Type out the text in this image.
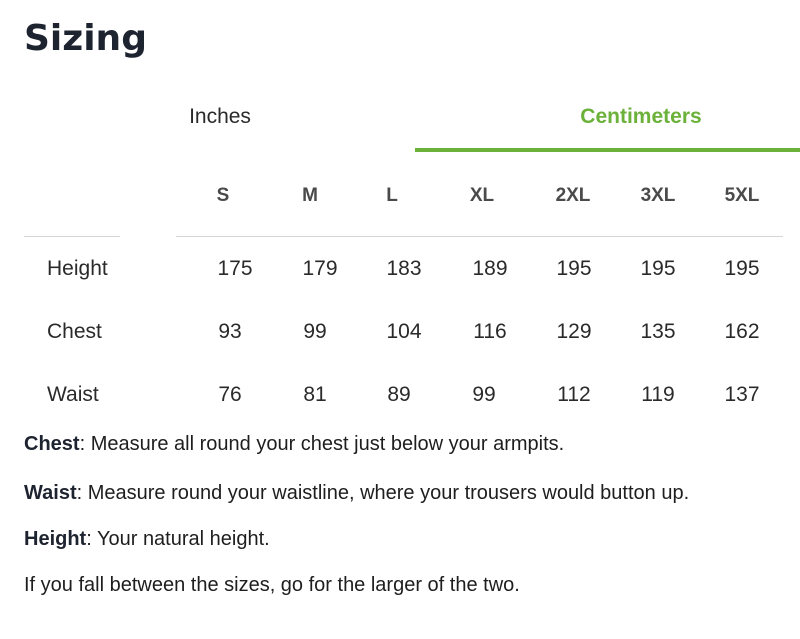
Sizing
Inches	Centimeters
S	M	L	XL	2XL	3XL	5XL
Height	175	179	183	189	195	195	195
Chest	93	99	104	116	129	135	162
Waist	76	81	89	99	112	119	137
Chest: Measure all round your chest just below your armpits.
Waist: Measure round your waistline, where your trousers would button up.
Height: Your natural height.
If you fall between the sizes, go for the larger of the two.
